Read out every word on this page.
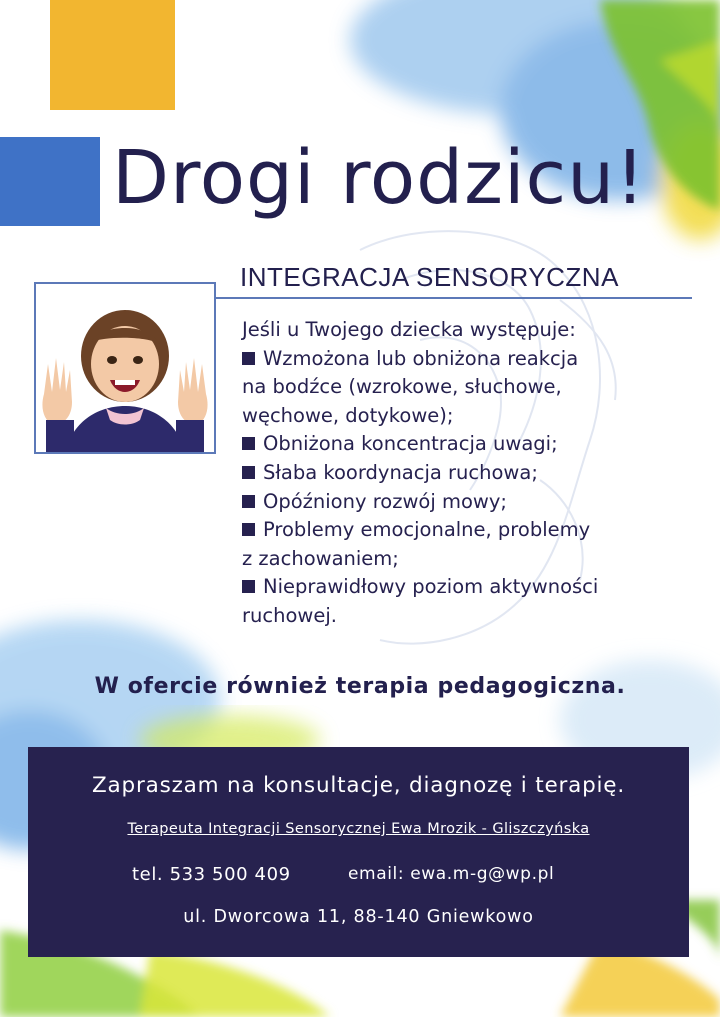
Drogi rodzicu!
INTEGRACJA SENSORYCZNA
Jeśli u Twojego dziecka występuje:
Wzmożona lub obniżona reakcja
na bodźce (wzrokowe, słuchowe,
węchowe, dotykowe);
Obniżona koncentracja uwagi;
Słaba koordynacja ruchowa;
Opóźniony rozwój mowy;
Problemy emocjonalne, problemy
z zachowaniem;
Nieprawidłowy poziom aktywności
ruchowej.
W ofercie również terapia pedagogiczna.
Zapraszam na konsultacje, diagnozę i terapię.
Terapeuta Integracji Sensorycznej Ewa Mrozik - Gliszczyńska
tel. 533 500 409	email: ewa.m-g@wp.pl
ul. Dworcowa 11, 88-140 Gniewkowo
